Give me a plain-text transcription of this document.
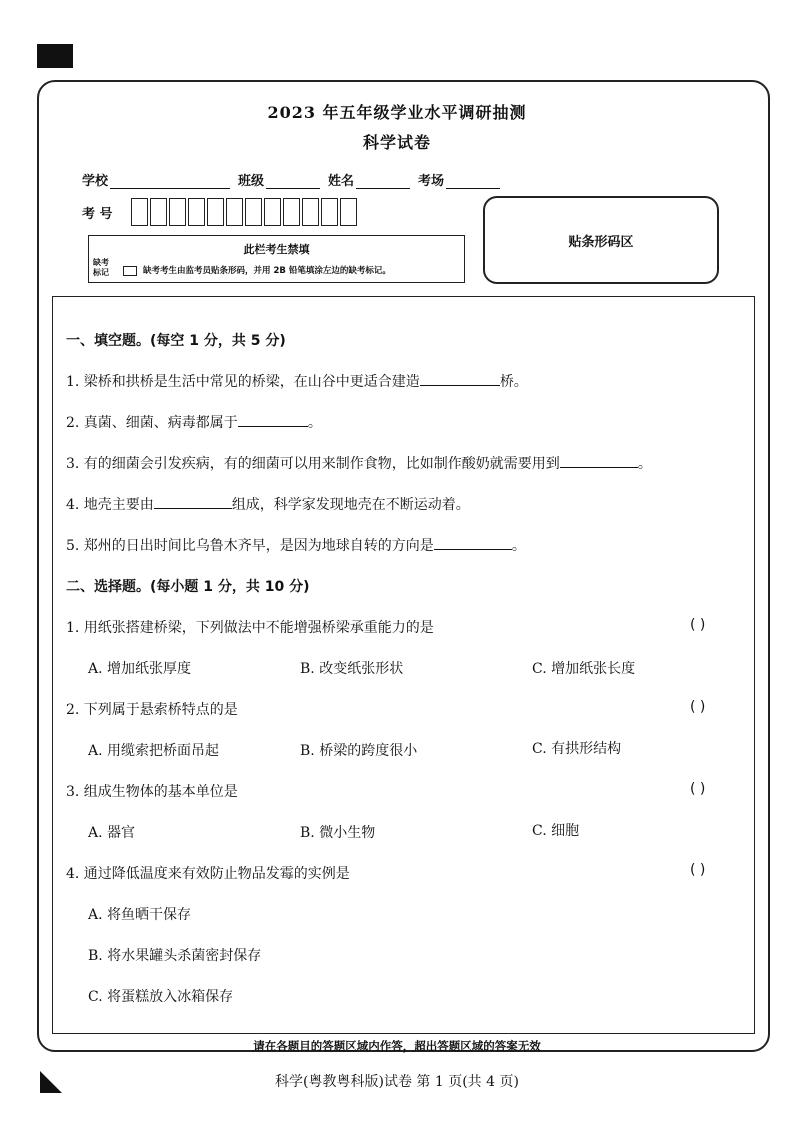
2023 年五年级学业水平调研抽测
科学试卷
学校	班级	姓名	考场
考 号
此栏考生禁填
缺考标记	缺考考生由监考员贴条形码，并用 2B 铅笔填涂左边的缺考标记。
贴条形码区
一、填空题。(每空 1 分，共 5 分)
1. 梁桥和拱桥是生活中常见的桥梁，在山谷中更适合建造	桥。
2. 真菌、细菌、病毒都属于	。
3. 有的细菌会引发疾病，有的细菌可以用来制作食物，比如制作酸奶就需要用到	。
4. 地壳主要由	组成，科学家发现地壳在不断运动着。
5. 郑州的日出时间比乌鲁木齐早，是因为地球自转的方向是	。
二、选择题。(每小题 1 分，共 10 分)
1. 用纸张搭建桥梁，下列做法中不能增强桥梁承重能力的是	( )
A. 增加纸张厚度	B. 改变纸张形状	C. 增加纸张长度
2. 下列属于悬索桥特点的是	( )
A. 用缆索把桥面吊起	B. 桥梁的跨度很小	C. 有拱形结构
3. 组成生物体的基本单位是	( )
A. 器官	B. 微小生物	C. 细胞
4. 通过降低温度来有效防止物品发霉的实例是	( )
A. 将鱼晒干保存
B. 将水果罐头杀菌密封保存
C. 将蛋糕放入冰箱保存
请在各题目的答题区域内作答，超出答题区域的答案无效
科学(粤教粤科版)试卷 第 1 页(共 4 页)
